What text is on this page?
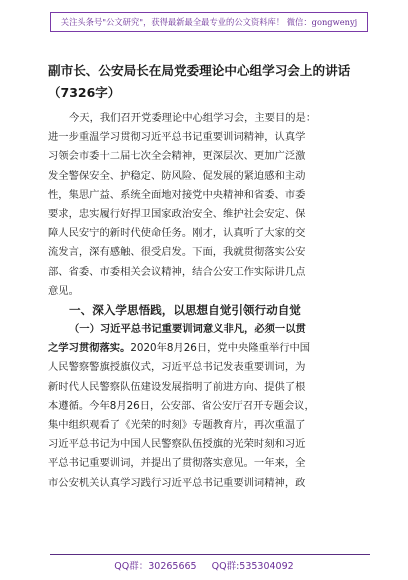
关注头条号"公文研究"，获得最新最全最专业的公文资料库！ 微信：gongwenyj
副市长、公安局长在局党委理论中心组学习会上的讲话
（7326字）
今天，我们召开党委理论中心组学习会，主要目的是：
进一步重温学习贯彻习近平总书记重要训词精神，认真学
习领会市委十二届七次全会精神，更深层次、更加广泛激
发全警保安全、护稳定、防风险、促发展的紧迫感和主动
性，集思广益、系统全面地对接党中央精神和省委、市委
要求，忠实履行好捍卫国家政治安全、维护社会安定、保
障人民安宁的新时代使命任务。刚才，认真听了大家的交
流发言，深有感触、很受启发。下面，我就贯彻落实公安
部、省委、市委相关会议精神，结合公安工作实际讲几点
意见。
一、深入学思悟践，以思想自觉引领行动自觉
（一）习近平总书记重要训词意义非凡，必须一以贯
之学习贯彻落实。2020年8月26日，党中央隆重举行中国
人民警察警旗授旗仪式，习近平总书记发表重要训词，为
新时代人民警察队伍建设发展指明了前进方向、提供了根
本遵循。今年8月26日，公安部、省公安厅召开专题会议，
集中组织观看了《光荣的时刻》专题教育片，再次重温了
习近平总书记为中国人民警察队伍授旗的光荣时刻和习近
平总书记重要训词，并提出了贯彻落实意见。一年来，全
市公安机关认真学习践行习近平总书记重要训词精神，政
QQ群：30265665 QQ群:535304092
